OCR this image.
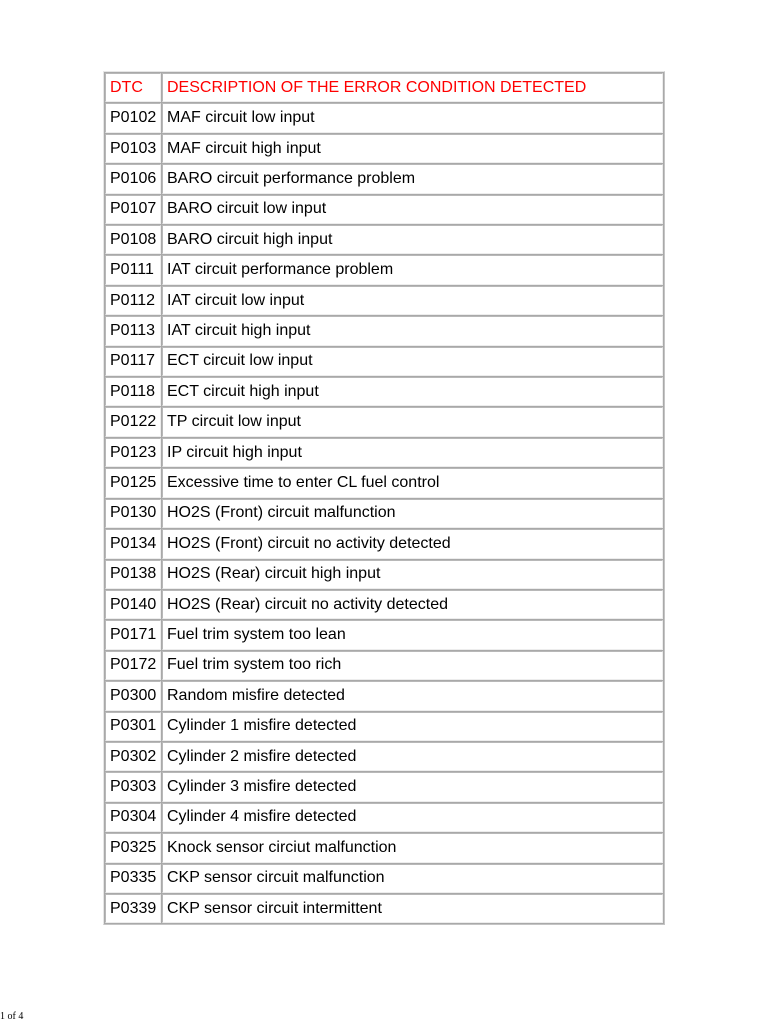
DTC	DESCRIPTION OF THE ERROR CONDITION DETECTED
P0102	MAF circuit low input
P0103	MAF circuit high input
P0106	BARO circuit performance problem
P0107	BARO circuit low input
P0108	BARO circuit high input
P0111	IAT circuit performance problem
P0112	IAT circuit low input
P0113	IAT circuit high input
P0117	ECT circuit low input
P0118	ECT circuit high input
P0122	TP circuit low input
P0123	IP circuit high input
P0125	Excessive time to enter CL fuel control
P0130	HO2S (Front) circuit malfunction
P0134	HO2S (Front) circuit no activity detected
P0138	HO2S (Rear) circuit high input
P0140	HO2S (Rear) circuit no activity detected
P0171	Fuel trim system too lean
P0172	Fuel trim system too rich
P0300	Random misfire detected
P0301	Cylinder 1 misfire detected
P0302	Cylinder 2 misfire detected
P0303	Cylinder 3 misfire detected
P0304	Cylinder 4 misfire detected
P0325	Knock sensor circiut malfunction
P0335	CKP sensor circuit malfunction
P0339	CKP sensor circuit intermittent
1 of 4
